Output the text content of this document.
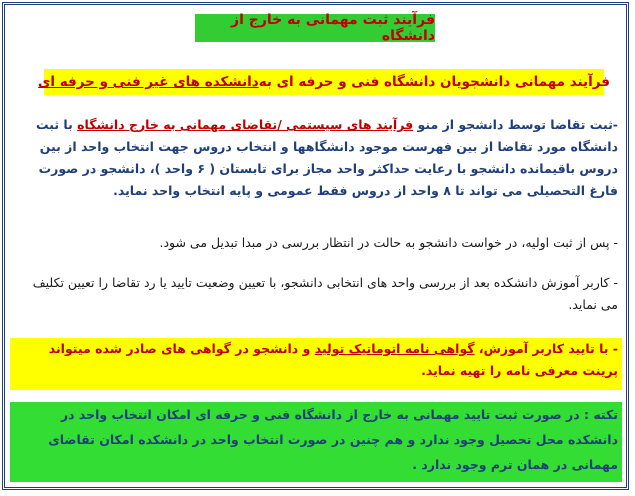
فرآیند ثبت مهمانی به خارج از دانشگاه
فرآیند مهمانی دانشجویان دانشگاه فنی و حرفه ای به
دانشکده های غیر فنی و حرفه ای
-ثبت تقاضا توسط دانشجو از منو فرآیند های سیستمی /تقاضای مهمانی به خارج دانشگاه با ثبت دانشگاه مورد تقاضا از بین فهرست موجود دانشگاهها و انتخاب دروس جهت انتخاب واحد از بین دروس باقیمانده دانشجو با رعایت حداکثر واحد مجاز برای تابستان ( ۶ واحد )، دانشجو در صورت فارغ التحصیلی می تواند تا ۸ واحد از دروس فقط عمومی و پایه انتخاب واحد نماید.
- پس از ثبت اولیه، در خواست دانشجو به حالت در انتظار بررسی در مبدا تبدیل می شود.
- کاربر آموزش دانشکده بعد از بررسی واحد های انتخابی دانشجو، با تعیین وضعیت تایید یا رد تقاضا را تعیین تکلیف می نماید.
- با تایید کاربر آموزش، گواهی نامه اتوماتیک تولید و دانشجو در گواهی های صادر شده میتواند پرینت معرفی نامه را تهیه نماید.
تکته : در صورت ثبت تایید مهمانی به خارج از دانشگاه فنی و حرفه ای امکان انتخاب واحد در دانشکده محل تحصیل وجود ندارد و هم چنین در صورت انتخاب واحد در دانشکده امکان تقاضای مهمانی در همان ترم وجود ندارد .
